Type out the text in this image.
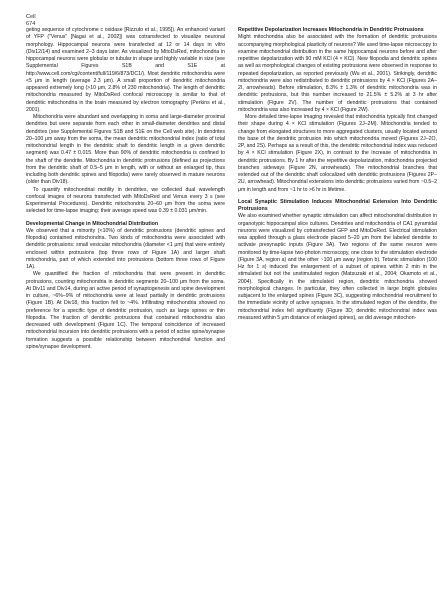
Cell
674

geting sequence of cytochrome c oxidase [Rizzuto et al., 1995]). An enhanced variant of YFP ("Venus" [Nagai et al., 2002]) was cotransfected to visualize neuronal morphology. Hippocampal neurons were transfected at 12 or 14 days in vitro (Div12/14) and examined 2–3 days later. As visualized by MitoDsRed, mitochondria in hippocampal neurons were globular or tubular in shape and highly variable in size (see Supplemental Figures S1B and S1E at http://www.cell.com/cgi/content/full/119/6/873/DC1/). Most dendritic mitochondria were <5 μm in length (average 2.3 μm). A small proportion of dendritic mitochondria appeared extremely long (>10 μm, 2.8% of 230 mitochondria). The length of dendritic mitochondria measured by MitoDsRed confocal microscopy is similar to that of dendritic mitochondria in the brain measured by electron tomography (Perkins et al., 2001).

Mitochondria were abundant and overlapping in soma and large-diameter proximal dendrites but were separate from each other in small-diameter dendrites and distal dendrites (see Supplemental Figures S1B and S1E on the Cell web site). In dendrites 20–100 μm away from the soma, the mean dendritic mitochondrial index (ratio of total mitochondrial length in the dendritic shaft to dendritic length in a given dendritic segment) was 0.47 ± 0.015. More than 90% of dendritic mitochondria is confined to the shaft of the dendrite. Mitochondria in dendritic protrusions (defined as projections from the dendritic shaft of 0.5–5 μm in length, with or without an enlarged tip, thus including both dendritic spines and filopodia) were rarely observed in mature neurons (older than Div18).

To quantify mitochondrial motility in dendrites, we collected dual wavelength confocal images of neurons transfected with MitoDsRed and Venus every 3 s (see Experimental Procedures). Dendritic mitochondria 20–60 μm from the soma were selected for time-lapse imaging; their average speed was 0.39 ± 0.031 μm/min.

Developmental Change in Mitochondrial Distribution

We observed that a minority (<10%) of dendritic protrusions (dendritic spines and filopodia) contained mitochondria. Two kinds of mitochondria were associated with dendritic protrusions: small vesicular mitochondria (diameter <1 μm) that were entirely enclosed within protrusions (top three rows of Figure 1A) and larger shaft mitochondria, part of which extended into protrusions (bottom three rows of Figure 1A).

We quantified the fraction of mitochondria that were present in dendritic protrusions, counting mitochondria in dendritic segments 20–100 μm from the soma. At Div11 and Div14, during an active period of synaptogenesis and spine development in culture, ~6%–9% of mitochondria were at least partially in dendritic protrusions (Figure 1B). At Div18, this fraction fell to ~4%. Infiltrating mitochondria showed no preference for a specific type of dendritic protrusion, such as large spines or thin filopodia. The fraction of dendritic protrusions that contained mitochondria also decreased with development (Figure 1C). The temporal coincidence of increased mitochondrial incursion into dendritic protrusions with a period of active spine/synapse formation suggests a possible relationship between mitochondrial function and spine/synapse development.

Repetitive Depolarization Increases Mitochondria in Dendritic Protrusions

Might mitochondria also be associated with the formation of dendritic protrusions accompanying morphological plasticity of neurons? We used time-lapse microscopy to examine mitochondrial distribution in the same hippocampal neurons before and after repetitive depolarization with 90 mM KCl (4 × KCl). New filopodia and dendritic spines as well as morphological changes of existing protrusions were observed in response to repeated depolarization, as reported previously (Wu et al., 2001). Strikingly, dendritic mitochondria were also redistributed to dendritic protrusions by 4 × KCl (Figures 2A–2I, arrowheads). Before stimulation, 8.3% ± 1.3% of dendritic mitochondria was in dendritic protrusions, but this number increased to 21.5% ± 5.2% at 3 hr after stimulation (Figure 2V). The number of dendritic protrusions that contained mitochondria was also increased by 4 × KCl (Figure 2W).

More detailed time-lapse imaging revealed that mitochondria typically first changed their shape during 4 × KCl stimulation (Figures 2J–2M). Mitochondria tended to change from elongated structures to more aggregated clusters, usually located around the base of the dendritic protrusion into which mitochondria moved (Figures 2J–2O, 2P, and 2S). Perhaps as a result of this, the dendritic mitochondrial index was reduced by 4 × KCl stimulation (Figure 2X), in contrast to the increase of mitochondria in dendritic protrusions. By 1 hr after the repetitive depolarization, mitochondria projected branches sideways (Figure 2N, arrowheads). The mitochondrial branches that extended out of the dendritic shaft colocalized with dendritic protrusions (Figures 2P–2U, arrowhead). Mitochondrial extensions into dendritic protrusions varied from ~0.5–2 μm in length and from ~1 hr to >6 hr in lifetime.

Local Synaptic Stimulation Induces Mitochondrial Extension Into Dendritic Protrusions

We also examined whether synaptic stimulation can affect mitochondrial distribution in organotypic hippocampal slice cultures. Dendrites and mitochondria of CA1 pyramidal neurons were visualized by cotransfected GFP and MitoDsRed. Electrical stimulation was applied through a glass electrode placed 5–20 μm from the labeled dendrite to activate presynaptic inputs (Figure 3A). Two regions of the same neuron were monitored by time-lapse two-photon microscopy, one close to the stimulation electrode (Figure 3A, region a) and the other ~100 μm away (region b). Tetanic stimulation (100 Hz for 1 s) induced the enlargement of a subset of spines within 2 min in the stimulated but not the unstimulated region (Matsuzaki et al., 2004; Okamoto et al., 2004). Specifically in the stimulated region, dendritic mitochondria showed morphological changes. In particular, they often collected in large bright globules subjacent to the enlarged spines (Figure 3C), suggesting mitochondrial recruitment to the immediate vicinity of active synapses. In the stimulated region of the dendrite, the mitochondrial index fell significantly (Figure 3D; dendritic mitochondrial index was measured within 5 μm distance of enlarged spines), as did average mitochon-
